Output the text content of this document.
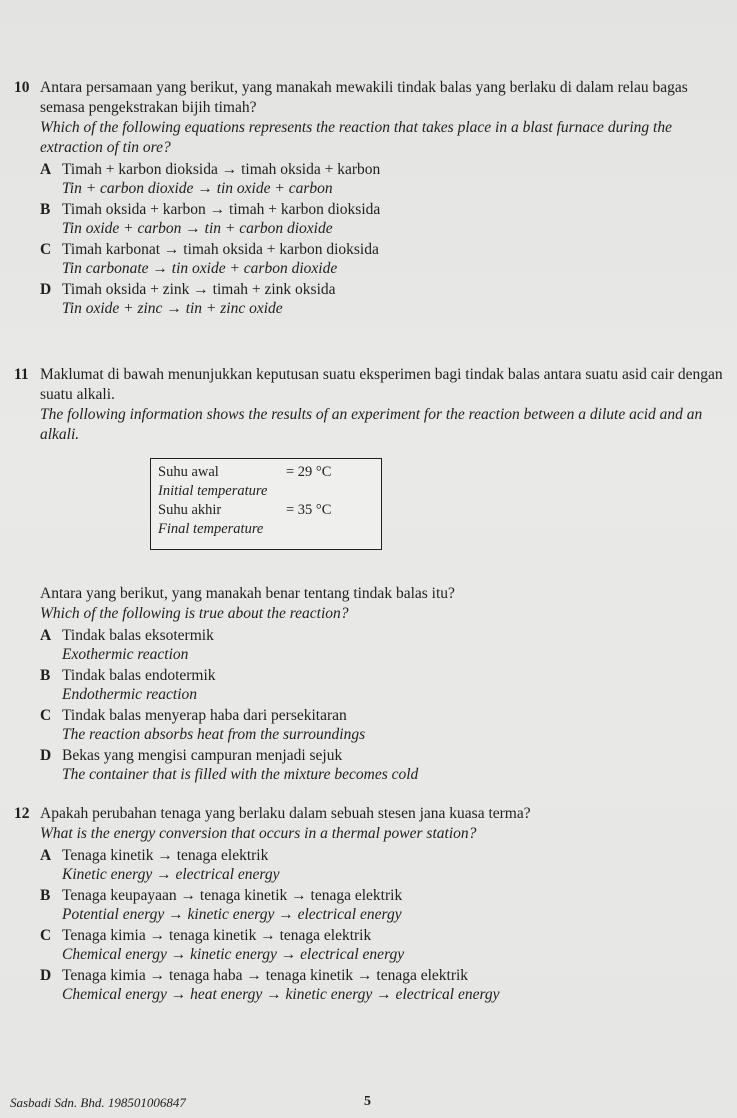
10 Antara persamaan yang berikut, yang manakah mewakili tindak balas yang berlaku di dalam relau bagas semasa pengekstrakan bijih timah?
Which of the following equations represents the reaction that takes place in a blast furnace during the extraction of tin ore?
A Timah + karbon dioksida → timah oksida + karbon
Tin + carbon dioxide → tin oxide + carbon
B Timah oksida + karbon → timah + karbon dioksida
Tin oxide + carbon → tin + carbon dioxide
C Timah karbonat → timah oksida + karbon dioksida
Tin carbonate → tin oxide + carbon dioxide
D Timah oksida + zink → timah + zink oksida
Tin oxide + zinc → tin + zinc oxide
11 Maklumat di bawah menunjukkan keputusan suatu eksperimen bagi tindak balas antara suatu asid cair dengan suatu alkali.
The following information shows the results of an experiment for the reaction between a dilute acid and an alkali.
Suhu awal	= 29 °C
Initial temperature
Suhu akhir	= 35 °C
Final temperature
Antara yang berikut, yang manakah benar tentang tindak balas itu?
Which of the following is true about the reaction?
A Tindak balas eksotermik
Exothermic reaction
B Tindak balas endotermik
Endothermic reaction
C Tindak balas menyerap haba dari persekitaran
The reaction absorbs heat from the surroundings
D Bekas yang mengisi campuran menjadi sejuk
The container that is filled with the mixture becomes cold
12 Apakah perubahan tenaga yang berlaku dalam sebuah stesen jana kuasa terma?
What is the energy conversion that occurs in a thermal power station?
A Tenaga kinetik → tenaga elektrik
Kinetic energy → electrical energy
B Tenaga keupayaan → tenaga kinetik → tenaga elektrik
Potential energy → kinetic energy → electrical energy
C Tenaga kimia → tenaga kinetik → tenaga elektrik
Chemical energy → kinetic energy → electrical energy
D Tenaga kimia → tenaga haba → tenaga kinetik → tenaga elektrik
Chemical energy → heat energy → kinetic energy → electrical energy
Sasbadi Sdn. Bhd. 198501006847	5
